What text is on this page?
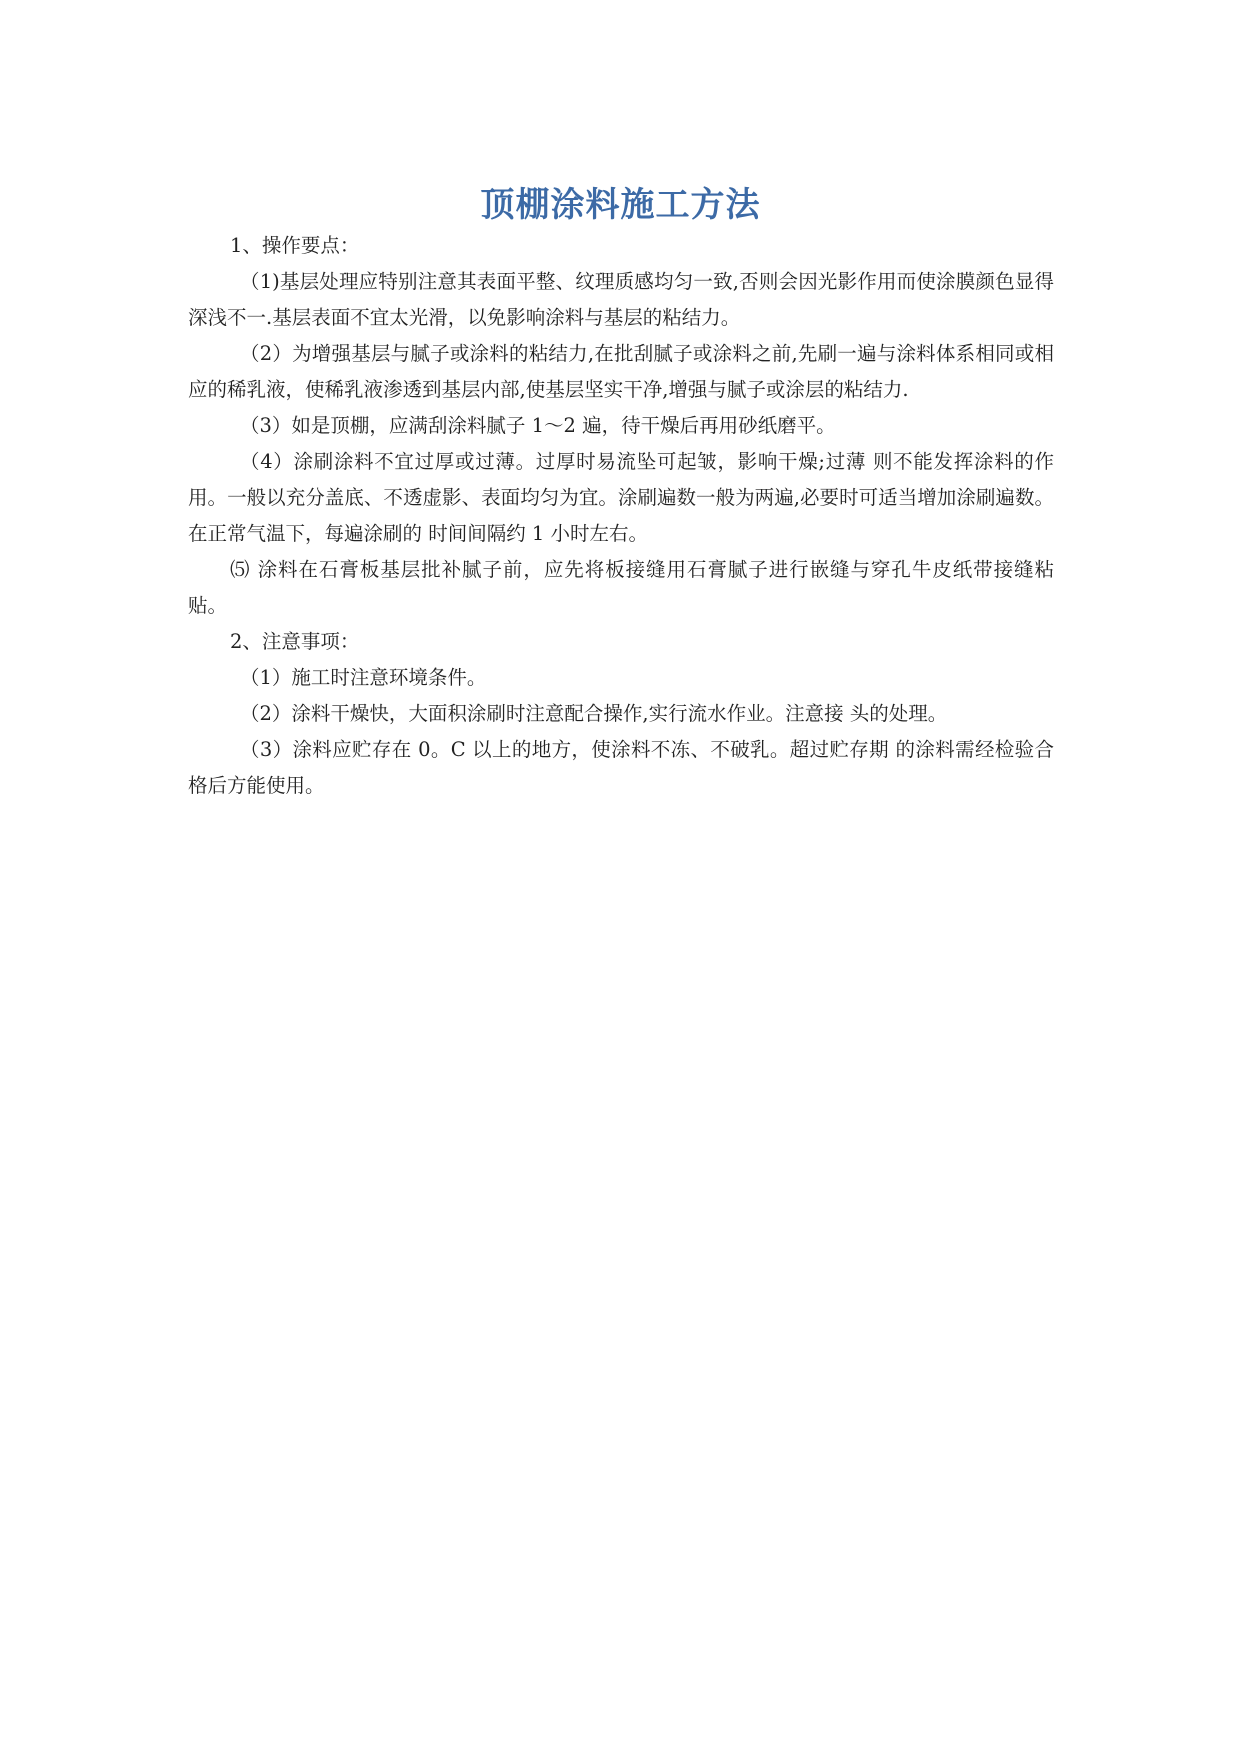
顶棚涂料施工方法

1、操作要点：

（1)基层处理应特别注意其表面平整、纹理质感均匀一致,否则会因光影作用而使涂膜颜色显得深浅不一.基层表面不宜太光滑，以免影响涂料与基层的粘结力。

（2）为增强基层与腻子或涂料的粘结力,在批刮腻子或涂料之前,先刷一遍与涂料体系相同或相应的稀乳液，使稀乳液渗透到基层内部,使基层坚实干净,增强与腻子或涂层的粘结力.

（3）如是顶棚，应满刮涂料腻子 1～2 遍，待干燥后再用砂纸磨平。

（4）涂刷涂料不宜过厚或过薄。过厚时易流坠可起皱，影响干燥;过薄 则不能发挥涂料的作用。一般以充分盖底、不透虚影、表面均匀为宜。涂刷遍数一般为两遍,必要时可适当增加涂刷遍数。在正常气温下，每遍涂刷的 时间间隔约 1 小时左右。

⑸ 涂料在石膏板基层批补腻子前，应先将板接缝用石膏腻子进行嵌缝与穿孔牛皮纸带接缝粘贴。

2、注意事项：

（1）施工时注意环境条件。

（2）涂料干燥快，大面积涂刷时注意配合操作,实行流水作业。注意接 头的处理。

（3）涂料应贮存在 0。C 以上的地方，使涂料不冻、不破乳。超过贮存期 的涂料需经检验合格后方能使用。
